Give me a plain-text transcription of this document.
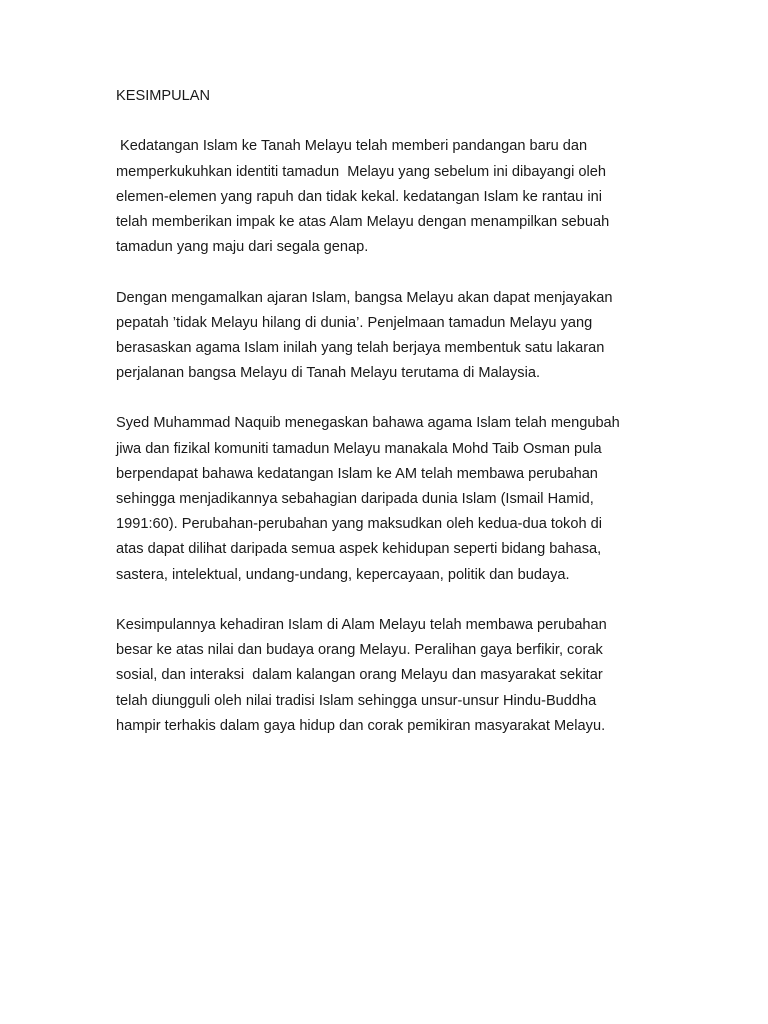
KESIMPULAN
Kedatangan Islam ke Tanah Melayu telah memberi pandangan baru dan
memperkukuhkan identiti tamadun  Melayu yang sebelum ini dibayangi oleh
elemen-elemen yang rapuh dan tidak kekal. kedatangan Islam ke rantau ini
telah memberikan impak ke atas Alam Melayu dengan menampilkan sebuah
tamadun yang maju dari segala genap.
Dengan mengamalkan ajaran Islam, bangsa Melayu akan dapat menjayakan
pepatah ’tidak Melayu hilang di dunia’. Penjelmaan tamadun Melayu yang
berasaskan agama Islam inilah yang telah berjaya membentuk satu lakaran
perjalanan bangsa Melayu di Tanah Melayu terutama di Malaysia.
Syed Muhammad Naquib menegaskan bahawa agama Islam telah mengubah
jiwa dan fizikal komuniti tamadun Melayu manakala Mohd Taib Osman pula
berpendapat bahawa kedatangan Islam ke AM telah membawa perubahan
sehingga menjadikannya sebahagian daripada dunia Islam (Ismail Hamid,
1991:60). Perubahan-perubahan yang maksudkan oleh kedua-dua tokoh di
atas dapat dilihat daripada semua aspek kehidupan seperti bidang bahasa,
sastera, intelektual, undang-undang, kepercayaan, politik dan budaya.
Kesimpulannya kehadiran Islam di Alam Melayu telah membawa perubahan
besar ke atas nilai dan budaya orang Melayu. Peralihan gaya berfikir, corak
sosial, dan interaksi  dalam kalangan orang Melayu dan masyarakat sekitar
telah diungguli oleh nilai tradisi Islam sehingga unsur-unsur Hindu-Buddha
hampir terhakis dalam gaya hidup dan corak pemikiran masyarakat Melayu.
